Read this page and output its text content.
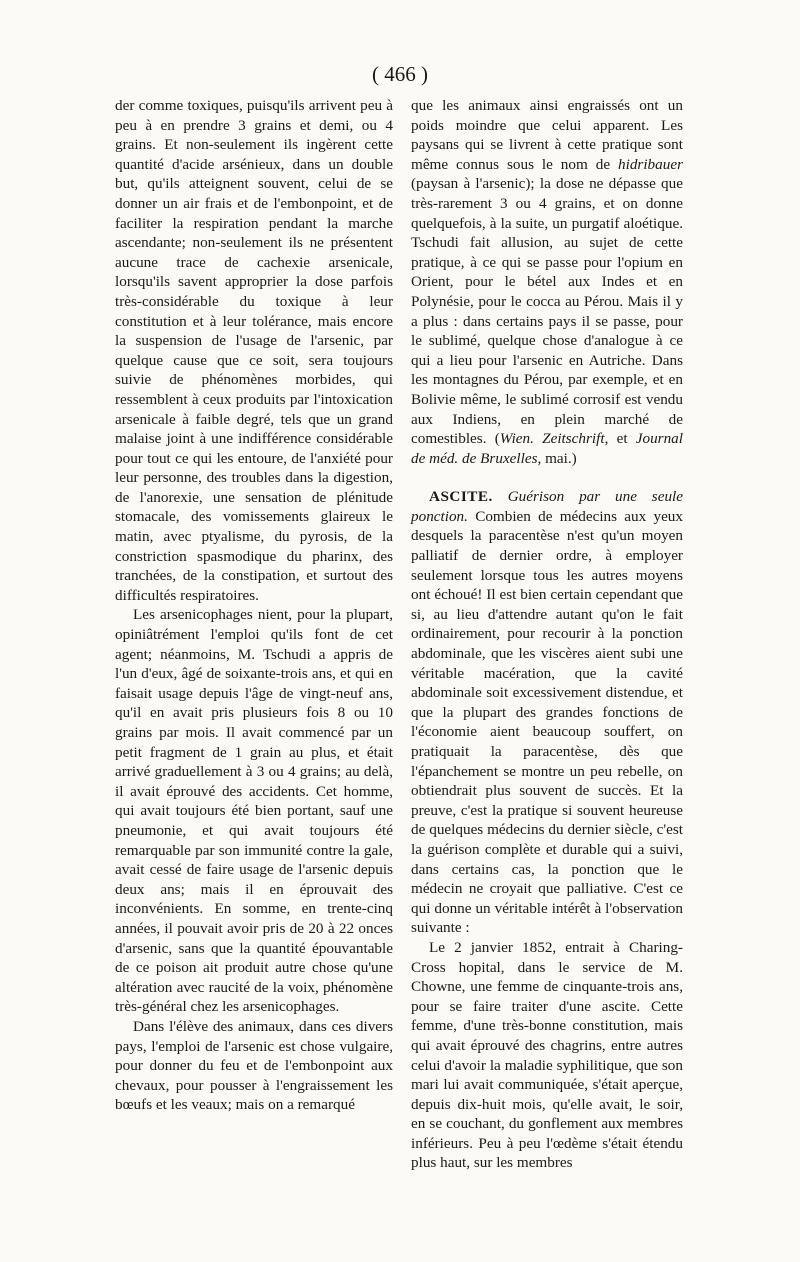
( 466 )

der comme toxiques, puisqu'ils arrivent peu à peu à en prendre 3 grains et demi, ou 4 grains. Et non-seulement ils ingèrent cette quantité d'acide arsénieux, dans un double but, qu'ils atteignent souvent, celui de se donner un air frais et de l'embonpoint, et de faciliter la respiration pendant la marche ascendante; non-seulement ils ne présentent aucune trace de cachexie arsenicale, lorsqu'ils savent approprier la dose parfois très-considérable du toxique à leur constitution et à leur tolérance, mais encore la suspension de l'usage de l'arsenic, par quelque cause que ce soit, sera toujours suivie de phénomènes morbides, qui ressemblent à ceux produits par l'intoxication arsenicale à faible degré, tels que un grand malaise joint à une indifférence considérable pour tout ce qui les entoure, de l'anxiété pour leur personne, des troubles dans la digestion, de l'anorexie, une sensation de plénitude stomacale, des vomissements glaireux le matin, avec ptyalisme, du pyrosis, de la constriction spasmodique du pharinx, des tranchées, de la constipation, et surtout des difficultés respiratoires.

Les arsenicophages nient, pour la plupart, opiniâtrément l'emploi qu'ils font de cet agent; néanmoins, M. Tschudi a appris de l'un d'eux, âgé de soixante-trois ans, et qui en faisait usage depuis l'âge de vingt-neuf ans, qu'il en avait pris plusieurs fois 8 ou 10 grains par mois. Il avait commencé par un petit fragment de 1 grain au plus, et était arrivé graduellement à 3 ou 4 grains; au delà, il avait éprouvé des accidents. Cet homme, qui avait toujours été bien portant, sauf une pneumonie, et qui avait toujours été remarquable par son immunité contre la gale, avait cessé de faire usage de l'arsenic depuis deux ans; mais il en éprouvait des inconvénients. En somme, en trente-cinq années, il pouvait avoir pris de 20 à 22 onces d'arsenic, sans que la quantité épouvantable de ce poison ait produit autre chose qu'une altération avec raucité de la voix, phénomène très-général chez les arsenicophages.

Dans l'élève des animaux, dans ces divers pays, l'emploi de l'arsenic est chose vulgaire, pour donner du feu et de l'embonpoint aux chevaux, pour pousser à l'engraissement les bœufs et les veaux; mais on a remarqué

que les animaux ainsi engraissés ont un poids moindre que celui apparent. Les paysans qui se livrent à cette pratique sont même connus sous le nom de hidribauer (paysan à l'arsenic); la dose ne dépasse que très-rarement 3 ou 4 grains, et on donne quelquefois, à la suite, un purgatif aloétique. Tschudi fait allusion, au sujet de cette pratique, à ce qui se passe pour l'opium en Orient, pour le bétel aux Indes et en Polynésie, pour le cocca au Pérou. Mais il y a plus : dans certains pays il se passe, pour le sublimé, quelque chose d'analogue à ce qui a lieu pour l'arsenic en Autriche. Dans les montagnes du Pérou, par exemple, et en Bolivie même, le sublimé corrosif est vendu aux Indiens, en plein marché de comestibles. (Wien. Zeitschrift, et Journal de méd. de Bruxelles, mai.)

ASCITE. Guérison par une seule ponction. Combien de médecins aux yeux desquels la paracentèse n'est qu'un moyen palliatif de dernier ordre, à employer seulement lorsque tous les autres moyens ont échoué! Il est bien certain cependant que si, au lieu d'attendre autant qu'on le fait ordinairement, pour recourir à la ponction abdominale, que les viscères aient subi une véritable macération, que la cavité abdominale soit excessivement distendue, et que la plupart des grandes fonctions de l'économie aient beaucoup souffert, on pratiquait la paracentèse, dès que l'épanchement se montre un peu rebelle, on obtiendrait plus souvent de succès. Et la preuve, c'est la pratique si souvent heureuse de quelques médecins du dernier siècle, c'est la guérison complète et durable qui a suivi, dans certains cas, la ponction que le médecin ne croyait que palliative. C'est ce qui donne un véritable intérêt à l'observation suivante :

Le 2 janvier 1852, entrait à Charing-Cross hopital, dans le service de M. Chowne, une femme de cinquante-trois ans, pour se faire traiter d'une ascite. Cette femme, d'une très-bonne constitution, mais qui avait éprouvé des chagrins, entre autres celui d'avoir la maladie syphilitique, que son mari lui avait communiquée, s'était aperçue, depuis dix-huit mois, qu'elle avait, le soir, en se couchant, du gonflement aux membres inférieurs. Peu à peu l'œdème s'était étendu plus haut, sur les membres
